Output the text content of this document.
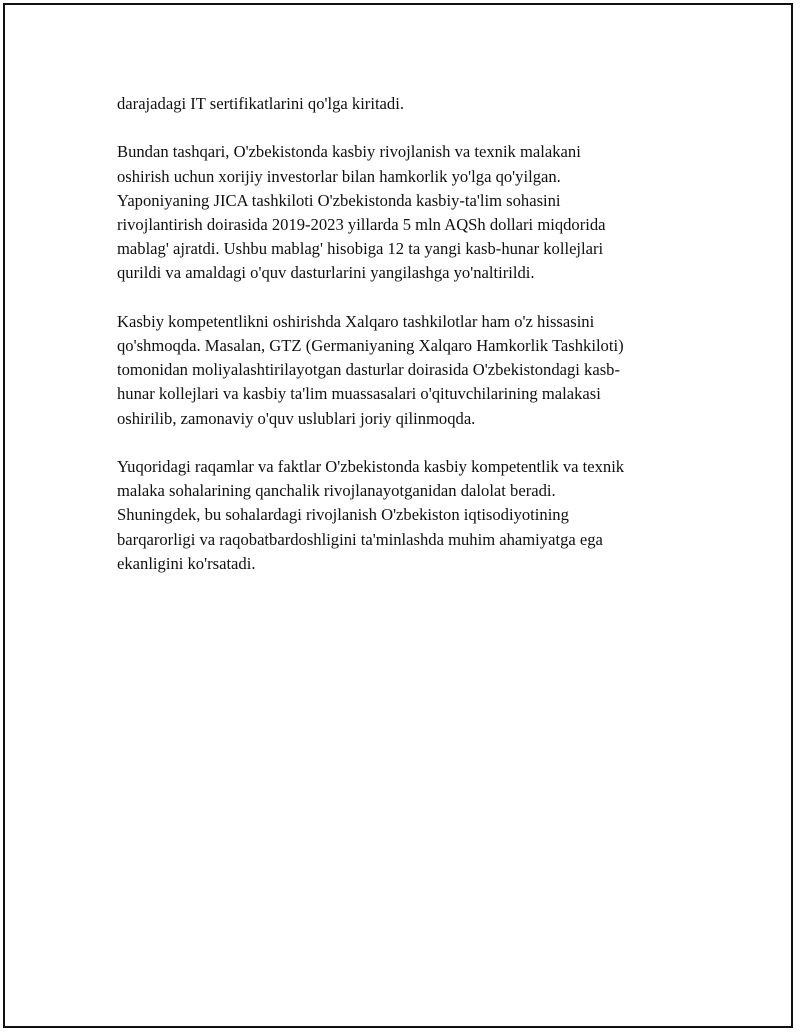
darajadagi IT sertifikatlarini qo'lga kiritadi.

Bundan tashqari, O'zbekistonda kasbiy rivojlanish va texnik malakani
oshirish uchun xorijiy investorlar bilan hamkorlik yo'lga qo'yilgan.
Yaponiyaning JICA tashkiloti O'zbekistonda kasbiy-ta'lim sohasini
rivojlantirish doirasida 2019-2023 yillarda 5 mln AQSh dollari miqdorida
mablag' ajratdi. Ushbu mablag' hisobiga 12 ta yangi kasb-hunar kollejlari
qurildi va amaldagi o'quv dasturlarini yangilashga yo'naltirildi.

Kasbiy kompetentlikni oshirishda Xalqaro tashkilotlar ham o'z hissasini
qo'shmoqda. Masalan, GTZ (Germaniyaning Xalqaro Hamkorlik Tashkiloti)
tomonidan moliyalashtirilayotgan dasturlar doirasida O'zbekistondagi kasb-
hunar kollejlari va kasbiy ta'lim muassasalari o'qituvchilarining malakasi
oshirilib, zamonaviy o'quv uslublari joriy qilinmoqda.

Yuqoridagi raqamlar va faktlar O'zbekistonda kasbiy kompetentlik va texnik
malaka sohalarining qanchalik rivojlanayotganidan dalolat beradi.
Shuningdek, bu sohalardagi rivojlanish O'zbekiston iqtisodiyotining
barqarorligi va raqobatbardoshligini ta'minlashda muhim ahamiyatga ega
ekanligini ko'rsatadi.
